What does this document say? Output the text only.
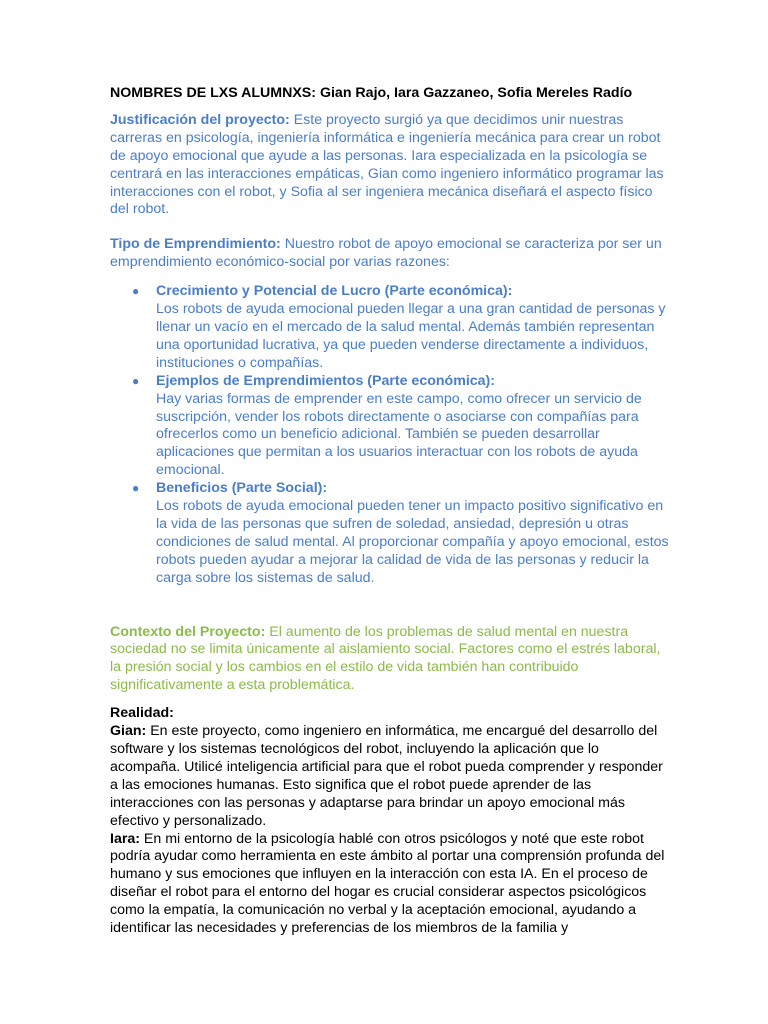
NOMBRES DE LXS ALUMNXS: Gian Rajo, Iara Gazzaneo, Sofia Mereles Radío

Justificación del proyecto: Este proyecto surgió ya que decidimos unir nuestras carreras en psicología, ingeniería informática e ingeniería mecánica para crear un robot de apoyo emocional que ayude a las personas. Iara especializada en la psicología se centrará en las interacciones empáticas, Gian como ingeniero informático programar las interacciones con el robot, y Sofia al ser ingeniera mecánica diseñará el aspecto físico del robot.

Tipo de Emprendimiento: Nuestro robot de apoyo emocional se caracteriza por ser un emprendimiento económico-social por varias razones:

● Crecimiento y Potencial de Lucro (Parte económica):
Los robots de ayuda emocional pueden llegar a una gran cantidad de personas y llenar un vacío en el mercado de la salud mental. Además también representan una oportunidad lucrativa, ya que pueden venderse directamente a individuos, instituciones o compañías.
● Ejemplos de Emprendimientos (Parte económica):
Hay varias formas de emprender en este campo, como ofrecer un servicio de suscripción, vender los robots directamente o asociarse con compañías para ofrecerlos como un beneficio adicional. También se pueden desarrollar aplicaciones que permitan a los usuarios interactuar con los robots de ayuda emocional.
● Beneficios (Parte Social):
Los robots de ayuda emocional pueden tener un impacto positivo significativo en la vida de las personas que sufren de soledad, ansiedad, depresión u otras condiciones de salud mental. Al proporcionar compañía y apoyo emocional, estos robots pueden ayudar a mejorar la calidad de vida de las personas y reducir la carga sobre los sistemas de salud.

Contexto del Proyecto: El aumento de los problemas de salud mental en nuestra sociedad no se limita únicamente al aislamiento social. Factores como el estrés laboral, la presión social y los cambios en el estilo de vida también han contribuido significativamente a esta problemática.

Realidad:

Gian: En este proyecto, como ingeniero en informática, me encargué del desarrollo del software y los sistemas tecnológicos del robot, incluyendo la aplicación que lo acompaña. Utilicé inteligencia artificial para que el robot pueda comprender y responder a las emociones humanas. Esto significa que el robot puede aprender de las interacciones con las personas y adaptarse para brindar un apoyo emocional más efectivo y personalizado.

Iara: En mi entorno de la psicología hablé con otros psicólogos y noté que este robot podría ayudar como herramienta en este ámbito al portar una comprensión profunda del humano y sus emociones que influyen en la interacción con esta IA. En el proceso de diseñar el robot para el entorno del hogar es crucial considerar aspectos psicológicos como la empatía, la comunicación no verbal y la aceptación emocional, ayudando a identificar las necesidades y preferencias de los miembros de la familia y
